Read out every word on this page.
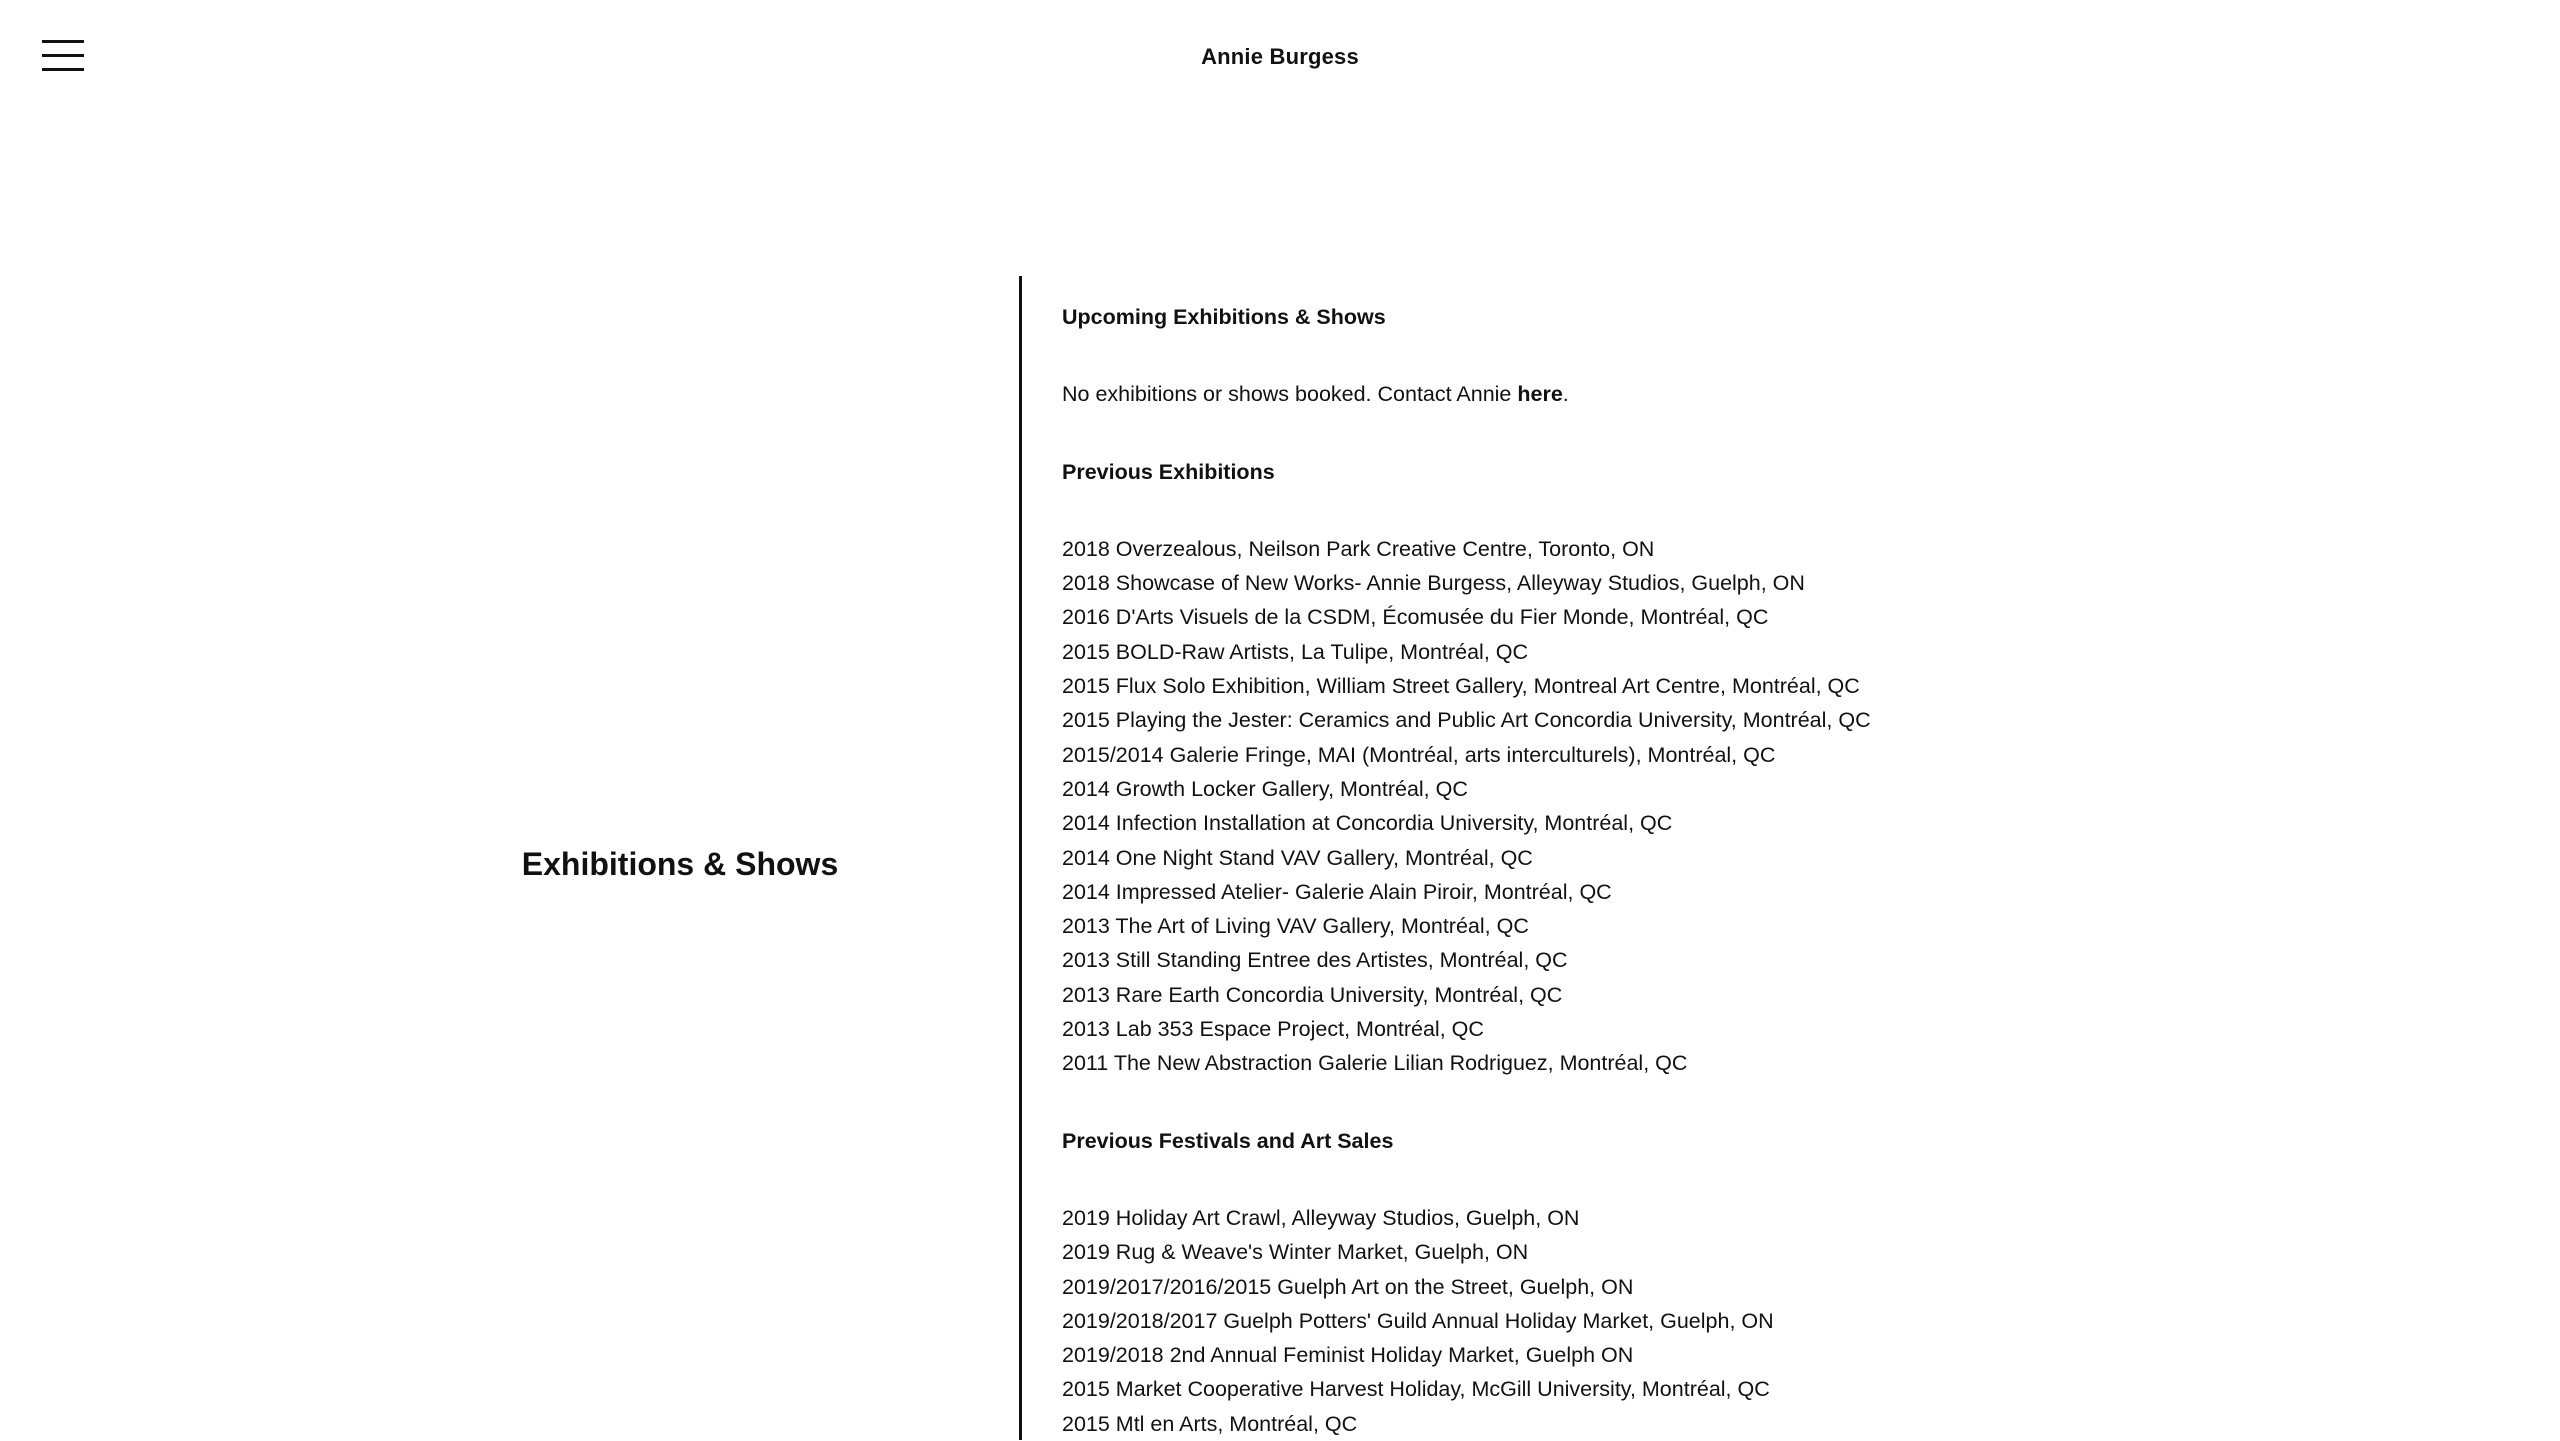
Annie Burgess
Exhibitions & Shows
Upcoming Exhibitions & Shows

No exhibitions or shows booked. Contact Annie here.

Previous Exhibitions
2018 Overzealous, Neilson Park Creative Centre, Toronto, ON
2018 Showcase of New Works- Annie Burgess, Alleyway Studios, Guelph, ON
2016 D'Arts Visuels de la CSDM, Écomusée du Fier Monde, Montréal, QC
2015 BOLD-Raw Artists, La Tulipe, Montréal, QC
2015 Flux Solo Exhibition, William Street Gallery, Montreal Art Centre, Montréal, QC
2015 Playing the Jester: Ceramics and Public Art Concordia University, Montréal, QC
2015/2014 Galerie Fringe, MAI (Montréal, arts interculturels), Montréal, QC
2014 Growth Locker Gallery, Montréal, QC
2014 Infection Installation at Concordia University, Montréal, QC
2014 One Night Stand VAV Gallery, Montréal, QC
2014 Impressed Atelier- Galerie Alain Piroir, Montréal, QC
2013 The Art of Living VAV Gallery, Montréal, QC
2013 Still Standing Entree des Artistes, Montréal, QC
2013 Rare Earth Concordia University, Montréal, QC
2013 Lab 353 Espace Project, Montréal, QC
2011 The New Abstraction Galerie Lilian Rodriguez, Montréal, QC
Previous Festivals and Art Sales
2019 Holiday Art Crawl, Alleyway Studios, Guelph, ON
2019 Rug & Weave's Winter Market, Guelph, ON
2019/2017/2016/2015 Guelph Art on the Street, Guelph, ON
2019/2018/2017 Guelph Potters' Guild Annual Holiday Market, Guelph, ON
2019/2018 2nd Annual Feminist Holiday Market, Guelph ON
2015 Market Cooperative Harvest Holiday, McGill University, Montréal, QC
2015 Mtl en Arts, Montréal, QC
